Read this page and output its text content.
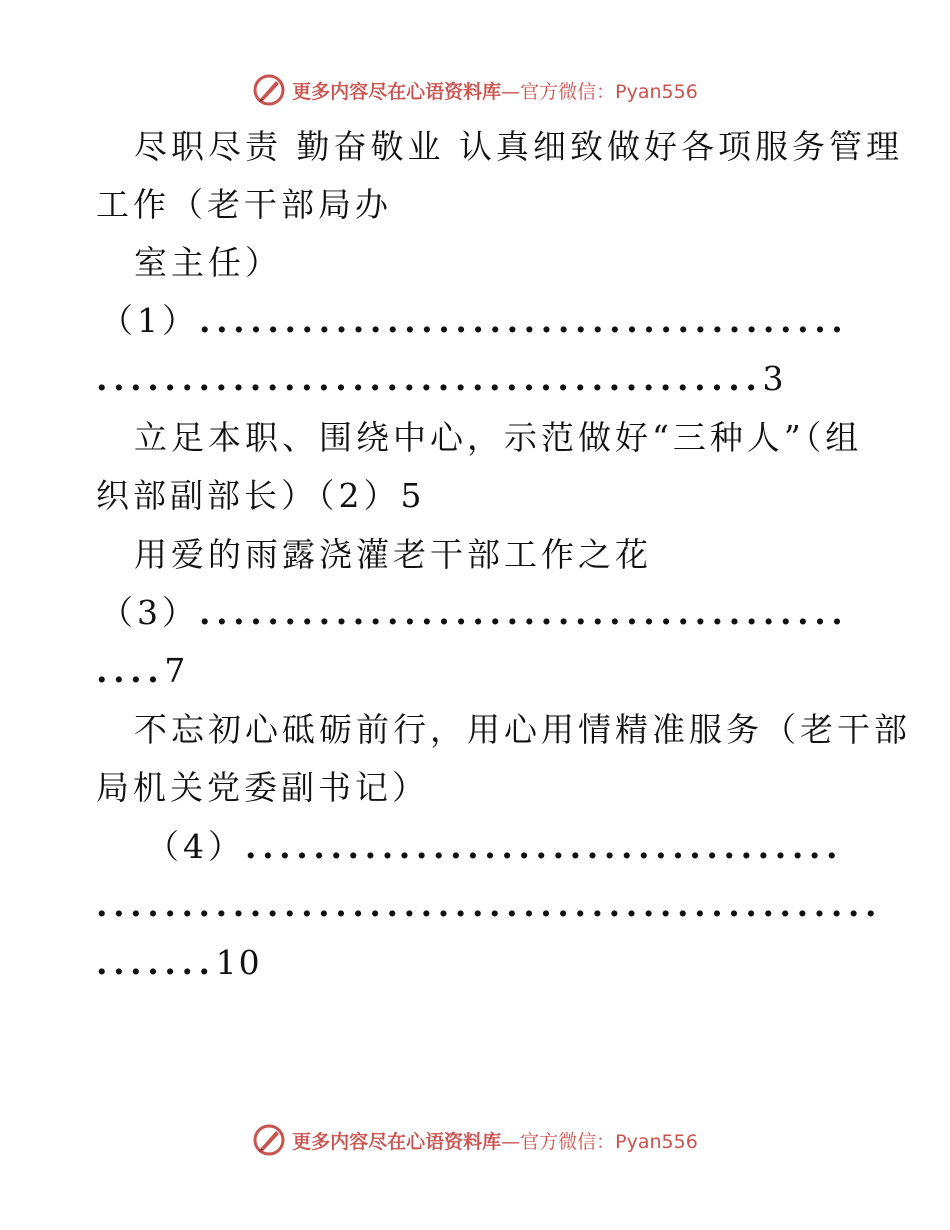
更多内容尽在心语资料库—官方微信：Pyan556
尽职尽责 勤奋敬业 认真细致做好各项服务管理
工作（老干部局办
室主任）
（1）......................................
.......................................3
立足本职、围绕中心，示范做好“三种人”（组
织部副部长）（2）5
用爱的雨露浇灌老干部工作之花
（3）......................................
....7
不忘初心砥砺前行，用心用情精准服务（老干部
局机关党委副书记）
（4）...................................
..............................................
.......10
更多内容尽在心语资料库—官方微信：Pyan556
